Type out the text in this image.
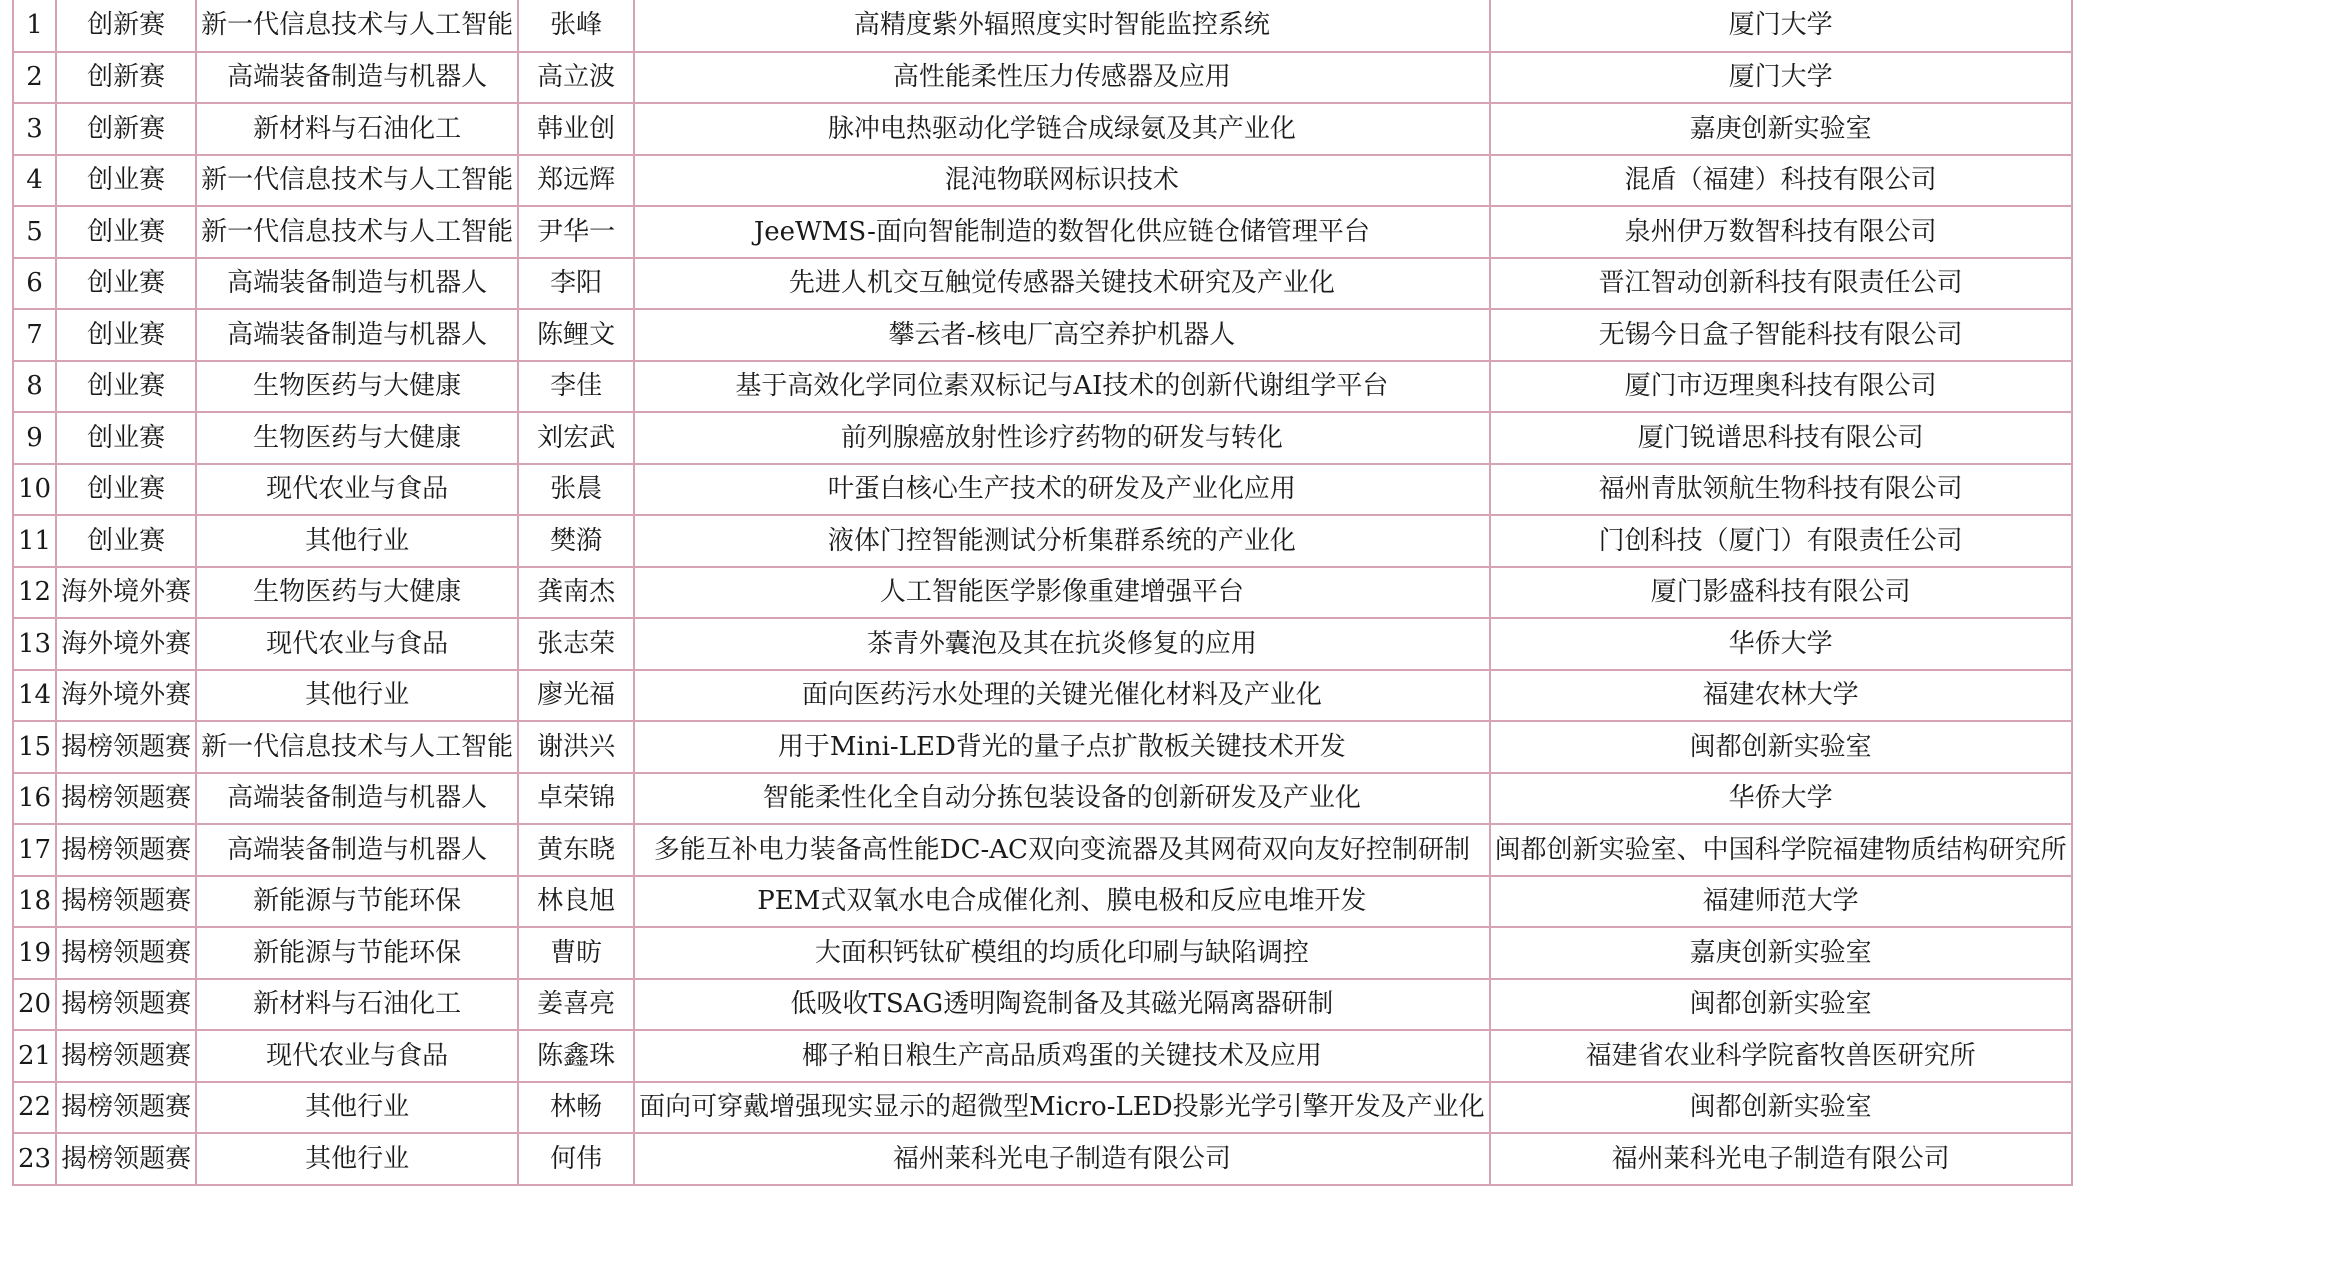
1	创新赛	新一代信息技术与人工智能	张峰	高精度紫外辐照度实时智能监控系统	厦门大学
2	创新赛	高端装备制造与机器人	高立波	高性能柔性压力传感器及应用	厦门大学
3	创新赛	新材料与石油化工	韩业创	脉冲电热驱动化学链合成绿氨及其产业化	嘉庚创新实验室
4	创业赛	新一代信息技术与人工智能	郑远辉	混沌物联网标识技术	混盾（福建）科技有限公司
5	创业赛	新一代信息技术与人工智能	尹华一	JeeWMS-面向智能制造的数智化供应链仓储管理平台	泉州伊万数智科技有限公司
6	创业赛	高端装备制造与机器人	李阳	先进人机交互触觉传感器关键技术研究及产业化	晋江智动创新科技有限责任公司
7	创业赛	高端装备制造与机器人	陈鲤文	攀云者-核电厂高空养护机器人	无锡今日盒子智能科技有限公司
8	创业赛	生物医药与大健康	李佳	基于高效化学同位素双标记与AI技术的创新代谢组学平台	厦门市迈理奥科技有限公司
9	创业赛	生物医药与大健康	刘宏武	前列腺癌放射性诊疗药物的研发与转化	厦门锐谱思科技有限公司
10	创业赛	现代农业与食品	张晨	叶蛋白核心生产技术的研发及产业化应用	福州青肽领航生物科技有限公司
11	创业赛	其他行业	樊漪	液体门控智能测试分析集群系统的产业化	门创科技（厦门）有限责任公司
12	海外境外赛	生物医药与大健康	龚南杰	人工智能医学影像重建增强平台	厦门影盛科技有限公司
13	海外境外赛	现代农业与食品	张志荣	茶青外囊泡及其在抗炎修复的应用	华侨大学
14	海外境外赛	其他行业	廖光福	面向医药污水处理的关键光催化材料及产业化	福建农林大学
15	揭榜领题赛	新一代信息技术与人工智能	谢洪兴	用于Mini-LED背光的量子点扩散板关键技术开发	闽都创新实验室
16	揭榜领题赛	高端装备制造与机器人	卓荣锦	智能柔性化全自动分拣包装设备的创新研发及产业化	华侨大学
17	揭榜领题赛	高端装备制造与机器人	黄东晓	多能互补电力装备高性能DC-AC双向变流器及其网荷双向友好控制研制	闽都创新实验室、中国科学院福建物质结构研究所
18	揭榜领题赛	新能源与节能环保	林良旭	PEM式双氧水电合成催化剂、膜电极和反应电堆开发	福建师范大学
19	揭榜领题赛	新能源与节能环保	曹昉	大面积钙钛矿模组的均质化印刷与缺陷调控	嘉庚创新实验室
20	揭榜领题赛	新材料与石油化工	姜喜亮	低吸收TSAG透明陶瓷制备及其磁光隔离器研制	闽都创新实验室
21	揭榜领题赛	现代农业与食品	陈鑫珠	椰子粕日粮生产高品质鸡蛋的关键技术及应用	福建省农业科学院畜牧兽医研究所
22	揭榜领题赛	其他行业	林畅	面向可穿戴增强现实显示的超微型Micro-LED投影光学引擎开发及产业化	闽都创新实验室
23	揭榜领题赛	其他行业	何伟	福州莱科光电子制造有限公司	福州莱科光电子制造有限公司
